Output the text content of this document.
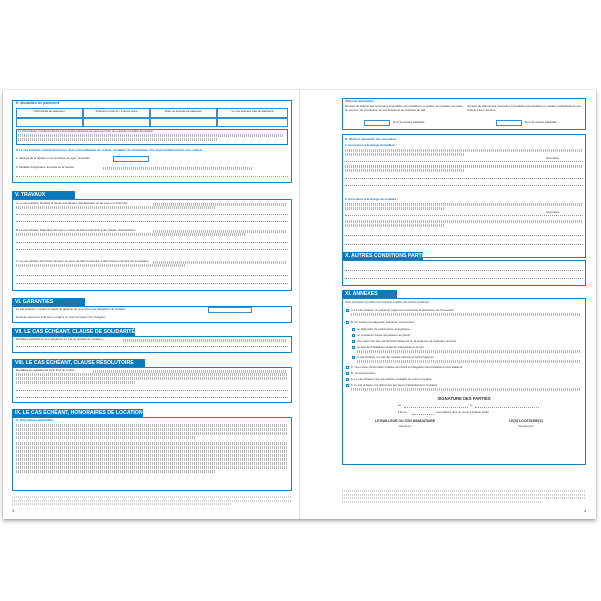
E. Modalités de paiement
Périodicité du paiement	Paiement à échoir / à terme échu	Date ou période de paiement	Le cas échéant, lieu de paiement
Le cas échéant, montant total dû à la première échéance de paiement pour une période complète de location :
F. Le cas échéant, exclusivement lors d'un renouvellement de contrat, modalités de réévaluation d'un loyer manifestement sous-évalué :
1. Montant de la hausse ou de la baisse de loyer mensuelle :
2. Modalité d'application annuelle de la hausse :
V. TRAVAUX
A. Le cas échéant, Montant et nature des travaux d'amélioration ou de mise en conformité
B. Le cas échéant, Majoration du loyer en cours de bail consécutive à des travaux d'amélioration
C. Le cas échéant, Diminution de loyer en cours de bail consécutive à des travaux entrepris par le locataire
VI. GARANTIES
Le cas échéant, montant du dépôt de garantie de l'exécution des obligations du locataire :
Garantie autonome (inférieur ou égal à un mois de loyers hors charges) :
VII. LE CAS ÉCHÉANT, CLAUSE DE SOLIDARITÉ
Modalités particulières des obligations en cas de pluralité de locataires
VIII. LE CAS ÉCHÉANT, CLAUSE RÉSOLUTOIRE
Modalités de résiliation de plein droit du contrat
IX. LE CAS ÉCHÉANT, HONORAIRES DE LOCATION
A. Dispositions applicables
3
Plafonds applicables :
Montant du plafond des honoraires imputables aux locataires en matière de prestation de visite du preneur, de constitution de son dossier et de rédaction de bail
Montant du plafond des honoraires imputables aux locataires en matière d'établissement de l'état des lieux d'entrée
€/m² de surface habitable	€/m² de surface habitable
B. Détail et répartition des honoraires
1. Honoraires à la charge du bailleur :
honoraires
2. Honoraires à la charge du locataire :
honoraires
X. AUTRES CONDITIONS PARTICULIÈRES
XI. ANNEXES
Sont annexées et jointes au contrat de location les pièces suivantes :
A. Le cas échéant, un extrait du règlement concernant la destination de l'immeuble
B. Un dossier de diagnostic technique comprenant :
un diagnostic de performance énergétique ;
un constat de risque d'exposition au plomb ;
une copie d'un état mentionnant l'absence ou la présence de matériaux amiante ;
un état de l'installation intérieure d'électricité et de gaz ;
le cas échéant, un état des risques naturels et technologiques.
C. Une notice d'information relative aux droits et obligations des locataires et des bailleurs
D. Un état des lieux
E. Le cas échéant, une autorisation préalable de mise en location
F. Le cas échéant, les références aux loyers habituellement constatés
SIGNATURE DES PARTIES
Le	à
Fait en	exemplaires dont un remis à chaque partie
LE BAILLEUR OU SON MANDATAIRE
Signature
LE(S) LOCATAIRE(S)
Signature(s)
4
